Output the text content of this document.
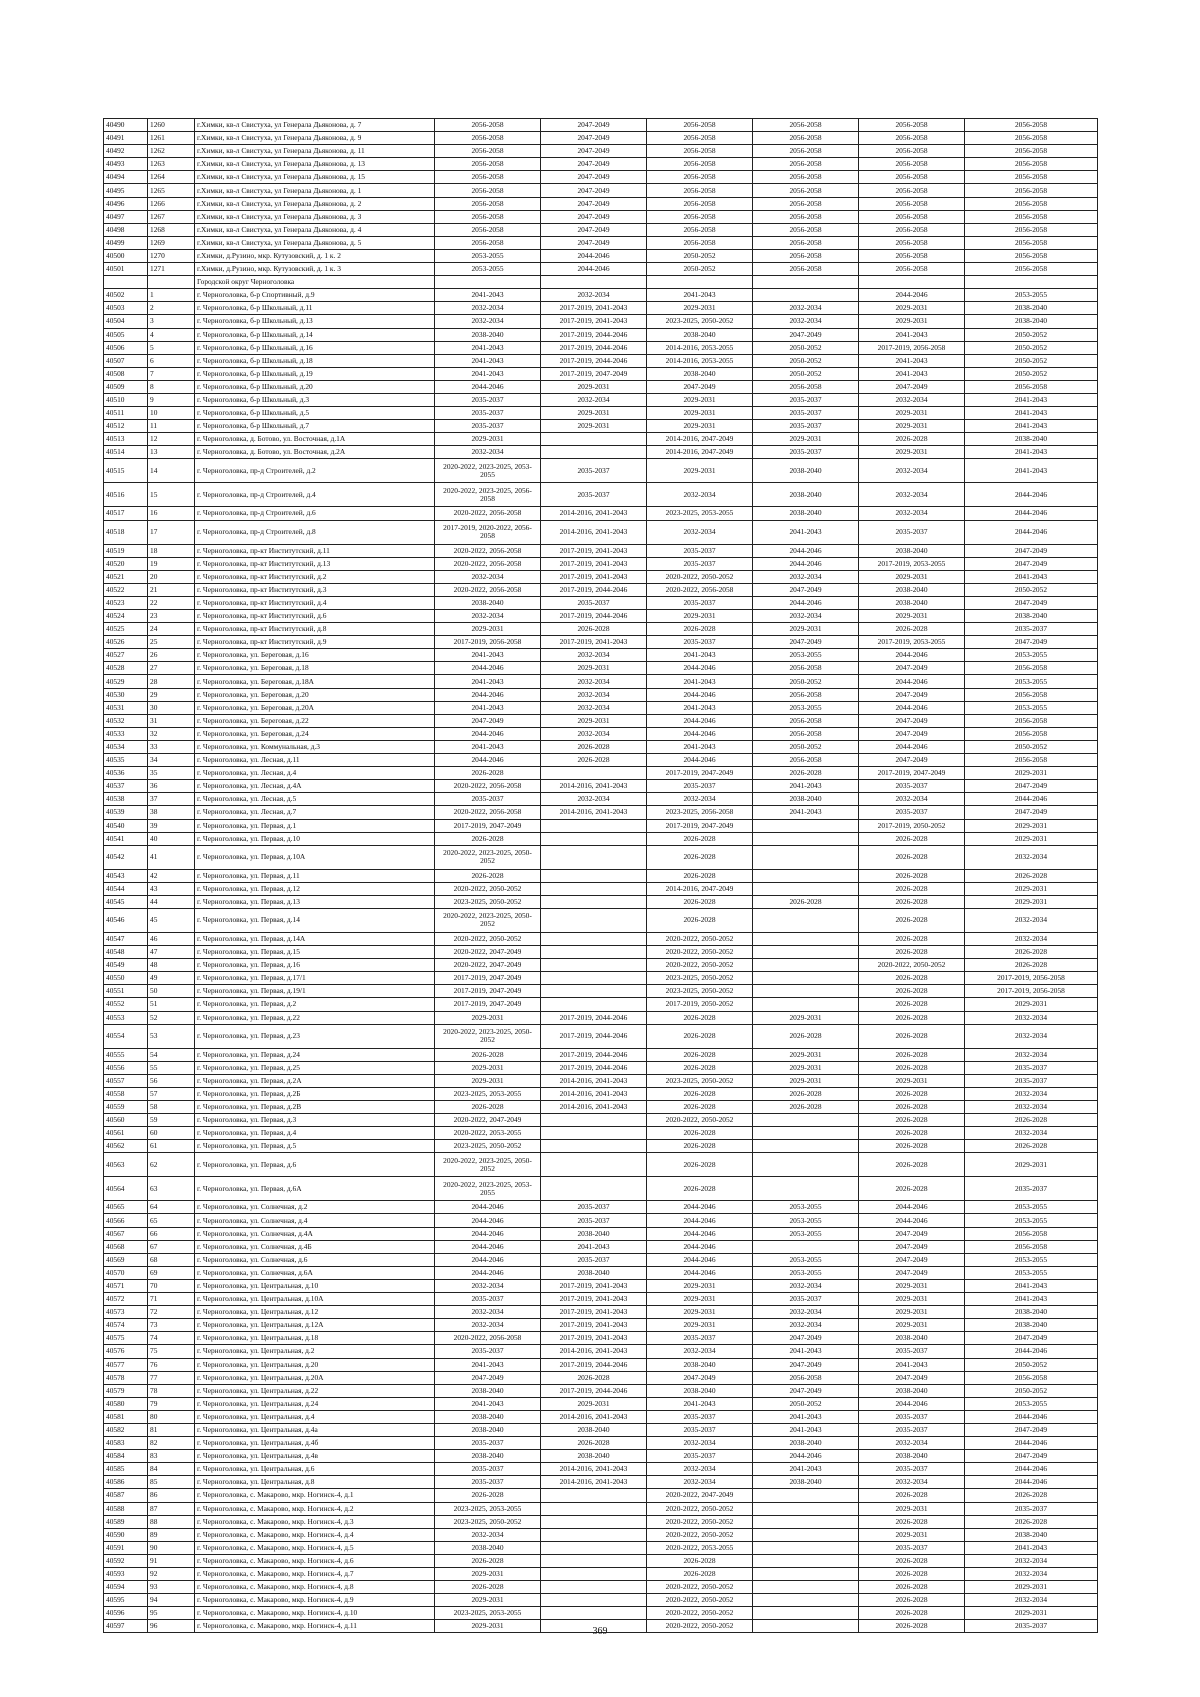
40490	1260	г.Химки, кв-л Свистуха, ул Генерала Дьяконова, д. 7	2056-2058	2047-2049	2056-2058	2056-2058	2056-2058	2056-2058
40491	1261	г.Химки, кв-л Свистуха, ул Генерала Дьяконова, д. 9	2056-2058	2047-2049	2056-2058	2056-2058	2056-2058	2056-2058
40492	1262	г.Химки, кв-л Свистуха, ул Генерала Дьяконова, д. 11	2056-2058	2047-2049	2056-2058	2056-2058	2056-2058	2056-2058
40493	1263	г.Химки, кв-л Свистуха, ул Генерала Дьяконова, д. 13	2056-2058	2047-2049	2056-2058	2056-2058	2056-2058	2056-2058
40494	1264	г.Химки, кв-л Свистуха, ул Генерала Дьяконова, д. 15	2056-2058	2047-2049	2056-2058	2056-2058	2056-2058	2056-2058
40495	1265	г.Химки, кв-л Свистуха, ул Генерала Дьяконова, д. 1	2056-2058	2047-2049	2056-2058	2056-2058	2056-2058	2056-2058
40496	1266	г.Химки, кв-л Свистуха, ул Генерала Дьяконова, д. 2	2056-2058	2047-2049	2056-2058	2056-2058	2056-2058	2056-2058
40497	1267	г.Химки, кв-л Свистуха, ул Генерала Дьяконова, д. 3	2056-2058	2047-2049	2056-2058	2056-2058	2056-2058	2056-2058
40498	1268	г.Химки, кв-л Свистуха, ул Генерала Дьяконова, д. 4	2056-2058	2047-2049	2056-2058	2056-2058	2056-2058	2056-2058
40499	1269	г.Химки, кв-л Свистуха, ул Генерала Дьяконова, д. 5	2056-2058	2047-2049	2056-2058	2056-2058	2056-2058	2056-2058
40500	1270	г.Химки, д.Рузино, мкр. Кутузовский, д. 1 к. 2	2053-2055	2044-2046	2050-2052	2056-2058	2056-2058	2056-2058
40501	1271	г.Химки, д.Рузино, мкр. Кутузовский, д. 1 к. 3	2053-2055	2044-2046	2050-2052	2056-2058	2056-2058	2056-2058
		Городской округ Черноголовка						
40502	1	г. Черноголовка, б-р Спортивный, д.9	2041-2043	2032-2034	2041-2043		2044-2046	2053-2055
40503	2	г. Черноголовка, б-р Школьный, д.11	2032-2034	2017-2019, 2041-2043	2029-2031	2032-2034	2029-2031	2038-2040
40504	3	г. Черноголовка, б-р Школьный, д.13	2032-2034	2017-2019, 2041-2043	2023-2025, 2050-2052	2032-2034	2029-2031	2038-2040
40505	4	г. Черноголовка, б-р Школьный, д.14	2038-2040	2017-2019, 2044-2046	2038-2040	2047-2049	2041-2043	2050-2052
40506	5	г. Черноголовка, б-р Школьный, д.16	2041-2043	2017-2019, 2044-2046	2014-2016, 2053-2055	2050-2052	2017-2019, 2056-2058	2050-2052
40507	6	г. Черноголовка, б-р Школьный, д.18	2041-2043	2017-2019, 2044-2046	2014-2016, 2053-2055	2050-2052	2041-2043	2050-2052
40508	7	г. Черноголовка, б-р Школьный, д.19	2041-2043	2017-2019, 2047-2049	2038-2040	2050-2052	2041-2043	2050-2052
40509	8	г. Черноголовка, б-р Школьный, д.20	2044-2046	2029-2031	2047-2049	2056-2058	2047-2049	2056-2058
40510	9	г. Черноголовка, б-р Школьный, д.3	2035-2037	2032-2034	2029-2031	2035-2037	2032-2034	2041-2043
40511	10	г. Черноголовка, б-р Школьный, д.5	2035-2037	2029-2031	2029-2031	2035-2037	2029-2031	2041-2043
40512	11	г. Черноголовка, б-р Школьный, д.7	2035-2037	2029-2031	2029-2031	2035-2037	2029-2031	2041-2043
40513	12	г. Черноголовка, д. Ботово, ул. Восточная, д.1А	2029-2031		2014-2016, 2047-2049	2029-2031	2026-2028	2038-2040
40514	13	г. Черноголовка, д. Ботово, ул. Восточная, д.2А	2032-2034		2014-2016, 2047-2049	2035-2037	2029-2031	2041-2043
40515	14	г. Черноголовка, пр-д Строителей, д.2	2020-2022, 2023-2025, 2053-2055	2035-2037	2029-2031	2038-2040	2032-2034	2041-2043
40516	15	г. Черноголовка, пр-д Строителей, д.4	2020-2022, 2023-2025, 2056-2058	2035-2037	2032-2034	2038-2040	2032-2034	2044-2046
40517	16	г. Черноголовка, пр-д Строителей, д.6	2020-2022, 2056-2058	2014-2016, 2041-2043	2023-2025, 2053-2055	2038-2040	2032-2034	2044-2046
40518	17	г. Черноголовка, пр-д Строителей, д.8	2017-2019, 2020-2022, 2056-2058	2014-2016, 2041-2043	2032-2034	2041-2043	2035-2037	2044-2046
40519	18	г. Черноголовка, пр-кт Институтский, д.11	2020-2022, 2056-2058	2017-2019, 2041-2043	2035-2037	2044-2046	2038-2040	2047-2049
40520	19	г. Черноголовка, пр-кт Институтский, д.13	2020-2022, 2056-2058	2017-2019, 2041-2043	2035-2037	2044-2046	2017-2019, 2053-2055	2047-2049
40521	20	г. Черноголовка, пр-кт Институтский, д.2	2032-2034	2017-2019, 2041-2043	2020-2022, 2050-2052	2032-2034	2029-2031	2041-2043
40522	21	г. Черноголовка, пр-кт Институтский, д.3	2020-2022, 2056-2058	2017-2019, 2044-2046	2020-2022, 2056-2058	2047-2049	2038-2040	2050-2052
40523	22	г. Черноголовка, пр-кт Институтский, д.4	2038-2040	2035-2037	2035-2037	2044-2046	2038-2040	2047-2049
40524	23	г. Черноголовка, пр-кт Институтский, д.6	2032-2034	2017-2019, 2044-2046	2029-2031	2032-2034	2029-2031	2038-2040
40525	24	г. Черноголовка, пр-кт Институтский, д.8	2029-2031	2026-2028	2026-2028	2029-2031	2026-2028	2035-2037
40526	25	г. Черноголовка, пр-кт Институтский, д.9	2017-2019, 2056-2058	2017-2019, 2041-2043	2035-2037	2047-2049	2017-2019, 2053-2055	2047-2049
40527	26	г. Черноголовка, ул. Береговая, д.16	2041-2043	2032-2034	2041-2043	2053-2055	2044-2046	2053-2055
40528	27	г. Черноголовка, ул. Береговая, д.18	2044-2046	2029-2031	2044-2046	2056-2058	2047-2049	2056-2058
40529	28	г. Черноголовка, ул. Береговая, д.18А	2041-2043	2032-2034	2041-2043	2050-2052	2044-2046	2053-2055
40530	29	г. Черноголовка, ул. Береговая, д.20	2044-2046	2032-2034	2044-2046	2056-2058	2047-2049	2056-2058
40531	30	г. Черноголовка, ул. Береговая, д.20А	2041-2043	2032-2034	2041-2043	2053-2055	2044-2046	2053-2055
40532	31	г. Черноголовка, ул. Береговая, д.22	2047-2049	2029-2031	2044-2046	2056-2058	2047-2049	2056-2058
40533	32	г. Черноголовка, ул. Береговая, д.24	2044-2046	2032-2034	2044-2046	2056-2058	2047-2049	2056-2058
40534	33	г. Черноголовка, ул. Коммунальная, д.3	2041-2043	2026-2028	2041-2043	2050-2052	2044-2046	2050-2052
40535	34	г. Черноголовка, ул. Лесная, д.11	2044-2046	2026-2028	2044-2046	2056-2058	2047-2049	2056-2058
40536	35	г. Черноголовка, ул. Лесная, д.4	2026-2028		2017-2019, 2047-2049	2026-2028	2017-2019, 2047-2049	2029-2031
40537	36	г. Черноголовка, ул. Лесная, д.4А	2020-2022, 2056-2058	2014-2016, 2041-2043	2035-2037	2041-2043	2035-2037	2047-2049
40538	37	г. Черноголовка, ул. Лесная, д.5	2035-2037	2032-2034	2032-2034	2038-2040	2032-2034	2044-2046
40539	38	г. Черноголовка, ул. Лесная, д.7	2020-2022, 2056-2058	2014-2016, 2041-2043	2023-2025, 2056-2058	2041-2043	2035-2037	2047-2049
40540	39	г. Черноголовка, ул. Первая, д.1	2017-2019, 2047-2049		2017-2019, 2047-2049		2017-2019, 2050-2052	2029-2031
40541	40	г. Черноголовка, ул. Первая, д.10	2026-2028		2026-2028		2026-2028	2029-2031
40542	41	г. Черноголовка, ул. Первая, д.10А	2020-2022, 2023-2025, 2050-2052		2026-2028		2026-2028	2032-2034
40543	42	г. Черноголовка, ул. Первая, д.11	2026-2028		2026-2028		2026-2028	2026-2028
40544	43	г. Черноголовка, ул. Первая, д.12	2020-2022, 2050-2052		2014-2016, 2047-2049		2026-2028	2029-2031
40545	44	г. Черноголовка, ул. Первая, д.13	2023-2025, 2050-2052		2026-2028	2026-2028	2026-2028	2029-2031
40546	45	г. Черноголовка, ул. Первая, д.14	2020-2022, 2023-2025, 2050-2052		2026-2028		2026-2028	2032-2034
40547	46	г. Черноголовка, ул. Первая, д.14А	2020-2022, 2050-2052		2020-2022, 2050-2052		2026-2028	2032-2034
40548	47	г. Черноголовка, ул. Первая, д.15	2020-2022, 2047-2049		2020-2022, 2050-2052		2026-2028	2026-2028
40549	48	г. Черноголовка, ул. Первая, д.16	2020-2022, 2047-2049		2020-2022, 2050-2052		2020-2022, 2050-2052	2026-2028
40550	49	г. Черноголовка, ул. Первая, д.17/1	2017-2019, 2047-2049		2023-2025, 2050-2052		2026-2028	2017-2019, 2056-2058
40551	50	г. Черноголовка, ул. Первая, д.19/1	2017-2019, 2047-2049		2023-2025, 2050-2052		2026-2028	2017-2019, 2056-2058
40552	51	г. Черноголовка, ул. Первая, д.2	2017-2019, 2047-2049		2017-2019, 2050-2052		2026-2028	2029-2031
40553	52	г. Черноголовка, ул. Первая, д.22	2029-2031	2017-2019, 2044-2046	2026-2028	2029-2031	2026-2028	2032-2034
40554	53	г. Черноголовка, ул. Первая, д.23	2020-2022, 2023-2025, 2050-2052	2017-2019, 2044-2046	2026-2028	2026-2028	2026-2028	2032-2034
40555	54	г. Черноголовка, ул. Первая, д.24	2026-2028	2017-2019, 2044-2046	2026-2028	2029-2031	2026-2028	2032-2034
40556	55	г. Черноголовка, ул. Первая, д.25	2029-2031	2017-2019, 2044-2046	2026-2028	2029-2031	2026-2028	2035-2037
40557	56	г. Черноголовка, ул. Первая, д.2А	2029-2031	2014-2016, 2041-2043	2023-2025, 2050-2052	2029-2031	2029-2031	2035-2037
40558	57	г. Черноголовка, ул. Первая, д.2Б	2023-2025, 2053-2055	2014-2016, 2041-2043	2026-2028	2026-2028	2026-2028	2032-2034
40559	58	г. Черноголовка, ул. Первая, д.2В	2026-2028	2014-2016, 2041-2043	2026-2028	2026-2028	2026-2028	2032-2034
40560	59	г. Черноголовка, ул. Первая, д.3	2020-2022, 2047-2049		2020-2022, 2050-2052		2026-2028	2026-2028
40561	60	г. Черноголовка, ул. Первая, д.4	2020-2022, 2053-2055		2026-2028		2026-2028	2032-2034
40562	61	г. Черноголовка, ул. Первая, д.5	2023-2025, 2050-2052		2026-2028		2026-2028	2026-2028
40563	62	г. Черноголовка, ул. Первая, д.6	2020-2022, 2023-2025, 2050-2052		2026-2028		2026-2028	2029-2031
40564	63	г. Черноголовка, ул. Первая, д.6А	2020-2022, 2023-2025, 2053-2055		2026-2028		2026-2028	2035-2037
40565	64	г. Черноголовка, ул. Солнечная, д.2	2044-2046	2035-2037	2044-2046	2053-2055	2044-2046	2053-2055
40566	65	г. Черноголовка, ул. Солнечная, д.4	2044-2046	2035-2037	2044-2046	2053-2055	2044-2046	2053-2055
40567	66	г. Черноголовка, ул. Солнечная, д.4А	2044-2046	2038-2040	2044-2046	2053-2055	2047-2049	2056-2058
40568	67	г. Черноголовка, ул. Солнечная, д.4Б	2044-2046	2041-2043	2044-2046		2047-2049	2056-2058
40569	68	г. Черноголовка, ул. Солнечная, д.6	2044-2046	2035-2037	2044-2046	2053-2055	2047-2049	2053-2055
40570	69	г. Черноголовка, ул. Солнечная, д.6А	2044-2046	2038-2040	2044-2046	2053-2055	2047-2049	2053-2055
40571	70	г. Черноголовка, ул. Центральная, д.10	2032-2034	2017-2019, 2041-2043	2029-2031	2032-2034	2029-2031	2041-2043
40572	71	г. Черноголовка, ул. Центральная, д.10А	2035-2037	2017-2019, 2041-2043	2029-2031	2035-2037	2029-2031	2041-2043
40573	72	г. Черноголовка, ул. Центральная, д.12	2032-2034	2017-2019, 2041-2043	2029-2031	2032-2034	2029-2031	2038-2040
40574	73	г. Черноголовка, ул. Центральная, д.12А	2032-2034	2017-2019, 2041-2043	2029-2031	2032-2034	2029-2031	2038-2040
40575	74	г. Черноголовка, ул. Центральная, д.18	2020-2022, 2056-2058	2017-2019, 2041-2043	2035-2037	2047-2049	2038-2040	2047-2049
40576	75	г. Черноголовка, ул. Центральная, д.2	2035-2037	2014-2016, 2041-2043	2032-2034	2041-2043	2035-2037	2044-2046
40577	76	г. Черноголовка, ул. Центральная, д.20	2041-2043	2017-2019, 2044-2046	2038-2040	2047-2049	2041-2043	2050-2052
40578	77	г. Черноголовка, ул. Центральная, д.20А	2047-2049	2026-2028	2047-2049	2056-2058	2047-2049	2056-2058
40579	78	г. Черноголовка, ул. Центральная, д.22	2038-2040	2017-2019, 2044-2046	2038-2040	2047-2049	2038-2040	2050-2052
40580	79	г. Черноголовка, ул. Центральная, д.24	2041-2043	2029-2031	2041-2043	2050-2052	2044-2046	2053-2055
40581	80	г. Черноголовка, ул. Центральная, д.4	2038-2040	2014-2016, 2041-2043	2035-2037	2041-2043	2035-2037	2044-2046
40582	81	г. Черноголовка, ул. Центральная, д.4а	2038-2040	2038-2040	2035-2037	2041-2043	2035-2037	2047-2049
40583	82	г. Черноголовка, ул. Центральная, д.4б	2035-2037	2026-2028	2032-2034	2038-2040	2032-2034	2044-2046
40584	83	г. Черноголовка, ул. Центральная, д.4в	2038-2040	2038-2040	2035-2037	2044-2046	2038-2040	2047-2049
40585	84	г. Черноголовка, ул. Центральная, д.6	2035-2037	2014-2016, 2041-2043	2032-2034	2041-2043	2035-2037	2044-2046
40586	85	г. Черноголовка, ул. Центральная, д.8	2035-2037	2014-2016, 2041-2043	2032-2034	2038-2040	2032-2034	2044-2046
40587	86	г. Черноголовка, с. Макарово, мкр. Ногинск-4, д.1	2026-2028		2020-2022, 2047-2049		2026-2028	2026-2028
40588	87	г. Черноголовка, с. Макарово, мкр. Ногинск-4, д.2	2023-2025, 2053-2055		2020-2022, 2050-2052		2029-2031	2035-2037
40589	88	г. Черноголовка, с. Макарово, мкр. Ногинск-4, д.3	2023-2025, 2050-2052		2020-2022, 2050-2052		2026-2028	2026-2028
40590	89	г. Черноголовка, с. Макарово, мкр. Ногинск-4, д.4	2032-2034		2020-2022, 2050-2052		2029-2031	2038-2040
40591	90	г. Черноголовка, с. Макарово, мкр. Ногинск-4, д.5	2038-2040		2020-2022, 2053-2055		2035-2037	2041-2043
40592	91	г. Черноголовка, с. Макарово, мкр. Ногинск-4, д.6	2026-2028		2026-2028		2026-2028	2032-2034
40593	92	г. Черноголовка, с. Макарово, мкр. Ногинск-4, д.7	2029-2031		2026-2028		2026-2028	2032-2034
40594	93	г. Черноголовка, с. Макарово, мкр. Ногинск-4, д.8	2026-2028		2020-2022, 2050-2052		2026-2028	2029-2031
40595	94	г. Черноголовка, с. Макарово, мкр. Ногинск-4, д.9	2029-2031		2020-2022, 2050-2052		2026-2028	2032-2034
40596	95	г. Черноголовка, с. Макарово, мкр. Ногинск-4, д.10	2023-2025, 2053-2055		2020-2022, 2050-2052		2026-2028	2029-2031
40597	96	г. Черноголовка, с. Макарово, мкр. Ногинск-4, д.11	2029-2031		2020-2022, 2050-2052		2026-2028	2035-2037
369
